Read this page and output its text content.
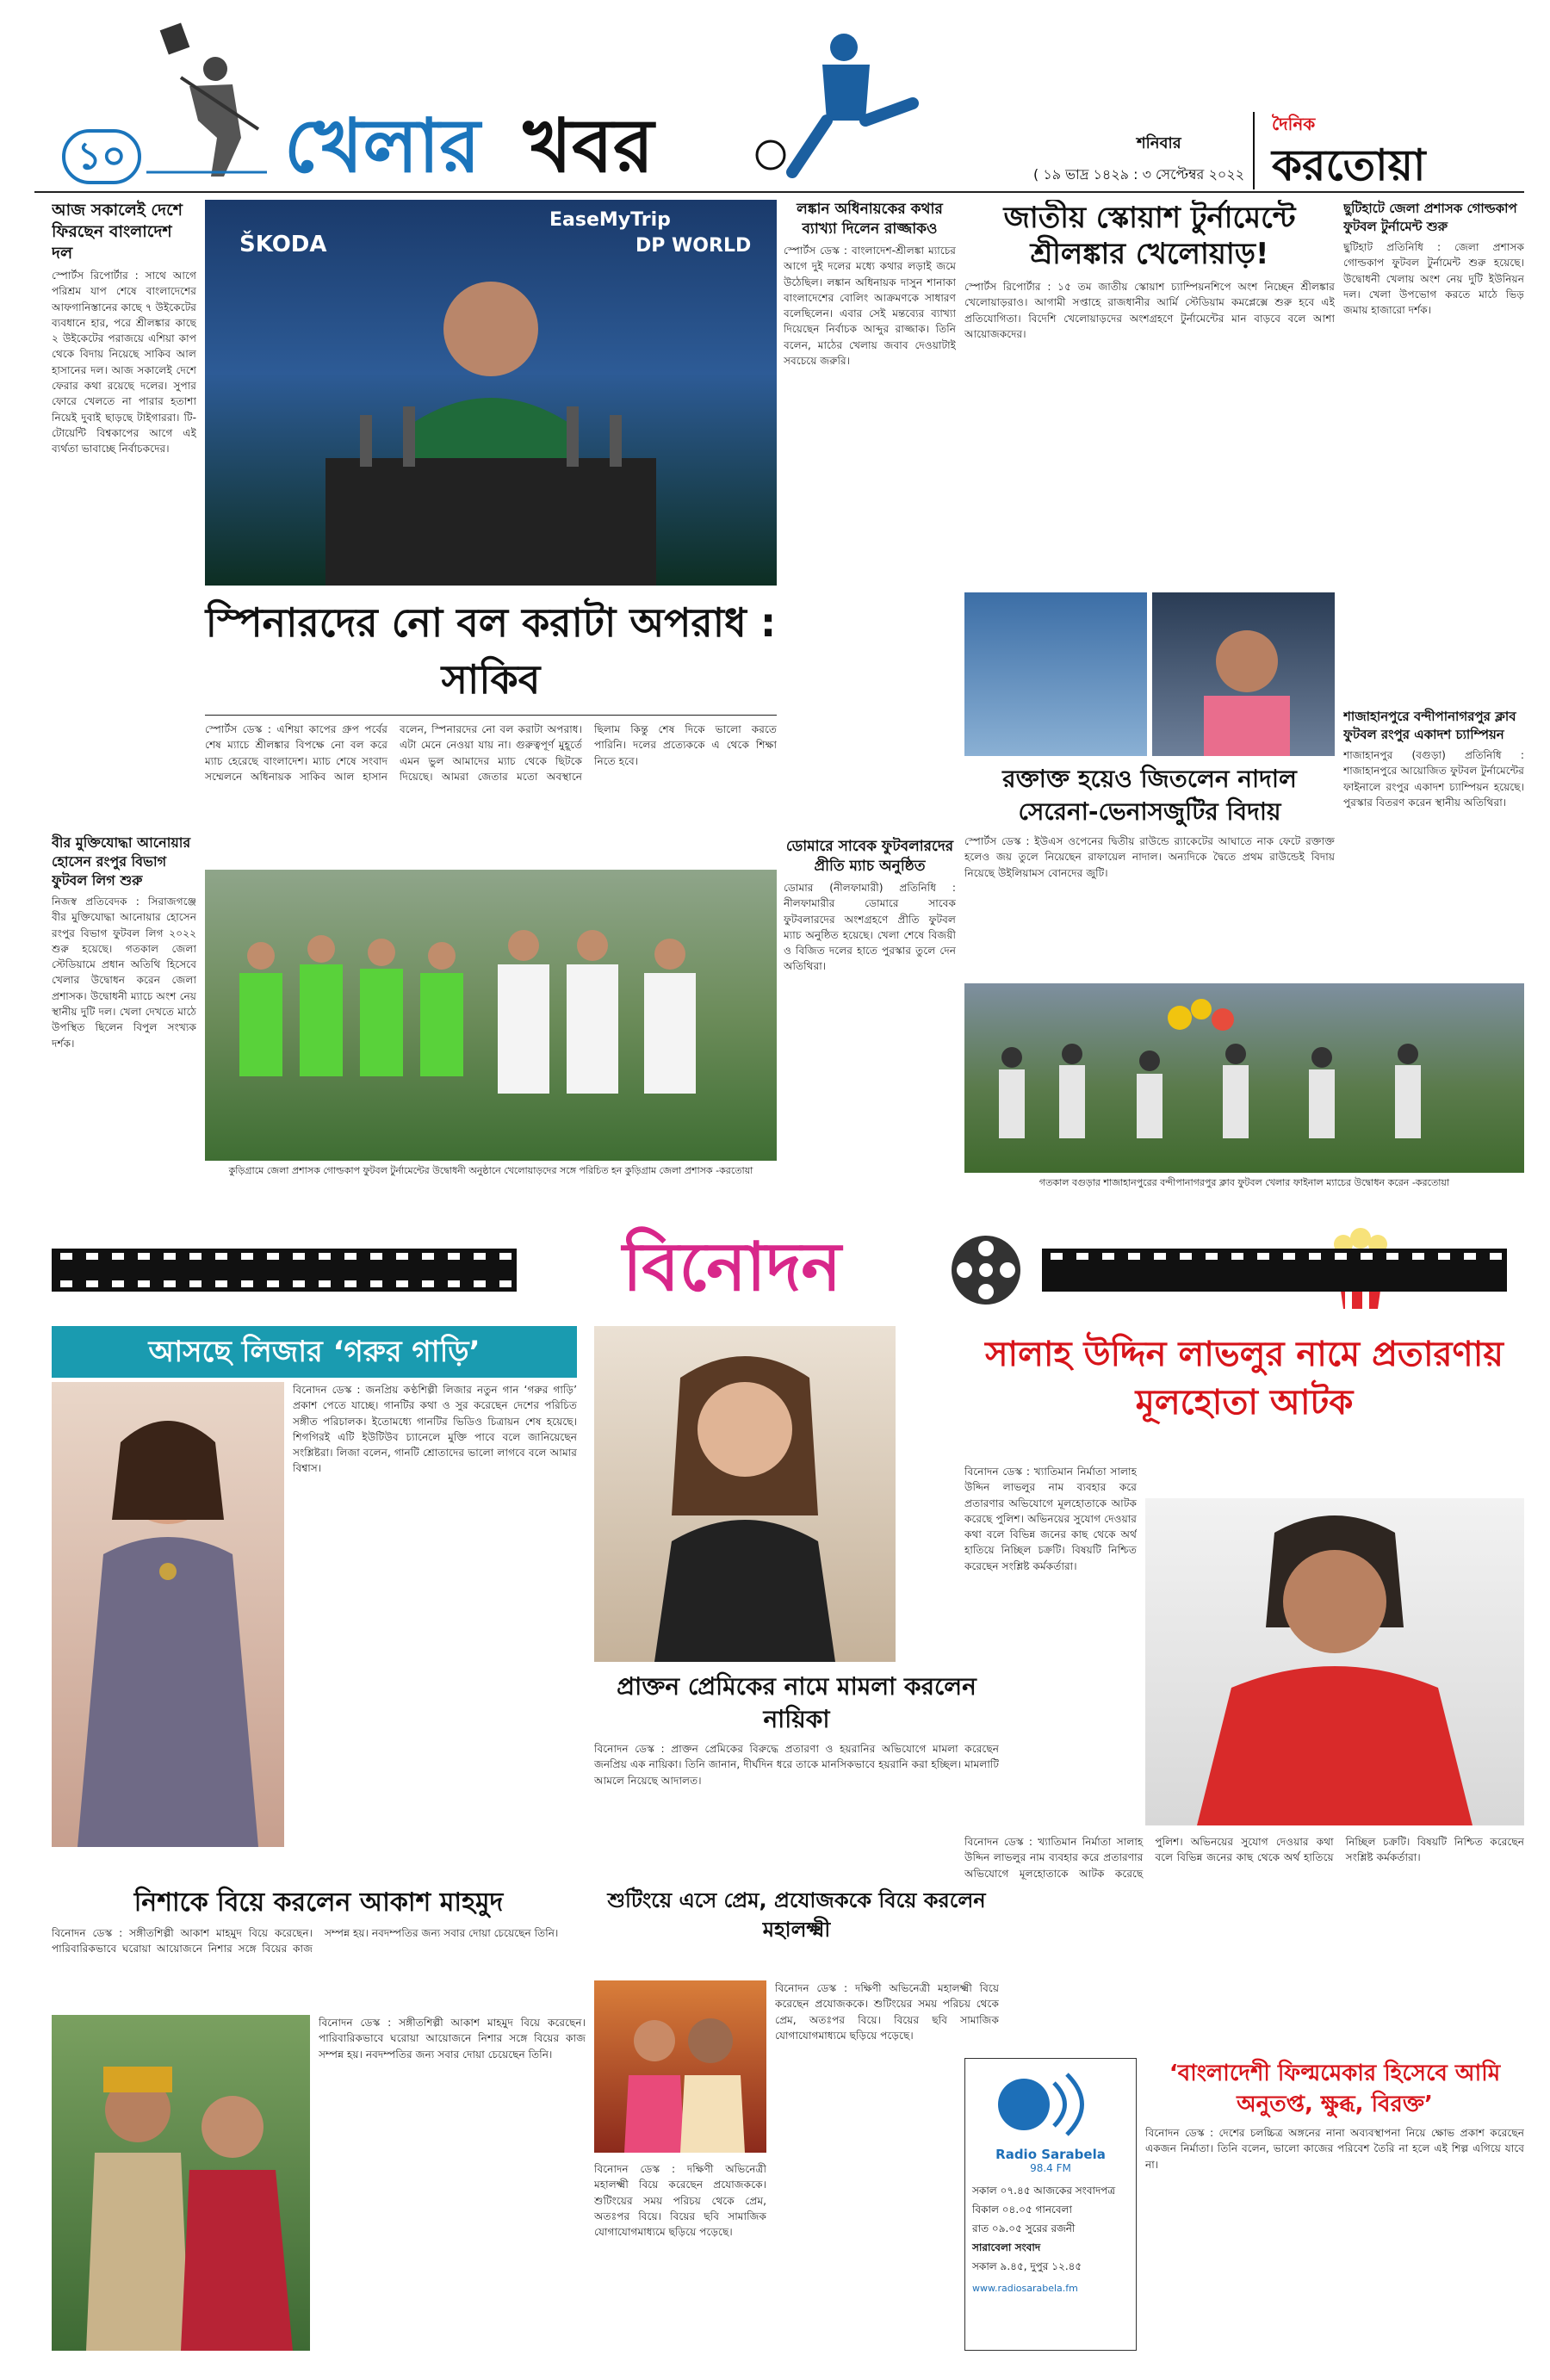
১০ খেলার খবর	শনিবার
( ১৯ ভাদ্র ১৪২৯ : ৩ সেপ্টেম্বর ২০২২
দৈনিক
করতোয়া
আজ সকালেই দেশে ফিরছেন বাংলাদেশ দল
স্পোর্টস রিপোর্টার : সাথে আগে পরিশ্রম যাপ শেষে বাংলাদেশের আফগানিস্তানের কাছে ৭ উইকেটের ব্যবধানে হার, পরে শ্রীলঙ্কার কাছে ২ উইকেটের পরাজয়ে এশিয়া কাপ থেকে বিদায় নিয়েছে সাকিব আল হাসানের দল। আজ সকালেই দেশে ফেরার কথা রয়েছে দলের। সুপার ফোরে খেলতে না পারার হতাশা নিয়েই দুবাই ছাড়ছে টাইগাররা। টি-টোয়েন্টি বিশ্বকাপের আগে এই ব্যর্থতা ভাবাচ্ছে নির্বাচকদের।
ŠKODA	DP WORLD
EaseMyTrip
স্পিনারদের নো বল করাটা অপরাধ : সাকিব
স্পোর্টস ডেস্ক : এশিয়া কাপের গ্রুপ পর্বের শেষ ম্যাচে শ্রীলঙ্কার বিপক্ষে নো বল করে ম্যাচ হেরেছে বাংলাদেশ। ম্যাচ শেষে সংবাদ সম্মেলনে অধিনায়ক সাকিব আল হাসান বলেন, স্পিনারদের নো বল করাটা অপরাধ। এটা মেনে নেওয়া যায় না। গুরুত্বপূর্ণ মুহূর্তে এমন ভুল আমাদের ম্যাচ থেকে ছিটকে দিয়েছে। আমরা জেতার মতো অবস্থানে ছিলাম কিন্তু শেষ দিকে ভালো করতে পারিনি। দলের প্রত্যেককে এ থেকে শিক্ষা নিতে হবে।
বীর মুক্তিযোদ্ধা আনোয়ার হোসেন রংপুর বিভাগ ফুটবল লিগ শুরু
নিজস্ব প্রতিবেদক : সিরাজগঞ্জে বীর মুক্তিযোদ্ধা আনোয়ার হোসেন রংপুর বিভাগ ফুটবল লিগ ২০২২ শুরু হয়েছে। গতকাল জেলা স্টেডিয়ামে প্রধান অতিথি হিসেবে খেলার উদ্বোধন করেন জেলা প্রশাসক। উদ্বোধনী ম্যাচে অংশ নেয় স্থানীয় দুটি দল। খেলা দেখতে মাঠে উপস্থিত ছিলেন বিপুল সংখ্যক দর্শক।
কুড়িগ্রামে জেলা প্রশাসক গোল্ডকাপ ফুটবল টুর্নামেন্টের উদ্বোধনী অনুষ্ঠানে খেলোয়াড়দের সঙ্গে পরিচিত হন কুড়িগ্রাম জেলা প্রশাসক -করতোয়া
লঙ্কান অধিনায়কের কথার ব্যাখ্যা দিলেন রাজ্জাকও
স্পোর্টস ডেস্ক : বাংলাদেশ-শ্রীলঙ্কা ম্যাচের আগে দুই দলের মধ্যে কথার লড়াই জমে উঠেছিল। লঙ্কান অধিনায়ক দাসুন শানাকা বাংলাদেশের বোলিং আক্রমণকে সাধারণ বলেছিলেন। এবার সেই মন্তব্যের ব্যাখ্যা দিয়েছেন নির্বাচক আব্দুর রাজ্জাক। তিনি বলেন, মাঠের খেলায় জবাব দেওয়াটাই সবচেয়ে জরুরি।
ডোমারে সাবেক ফুটবলারদের প্রীতি ম্যাচ অনুষ্ঠিত
ডোমার (নীলফামারী) প্রতিনিধি : নীলফামারীর ডোমারে সাবেক ফুটবলারদের অংশগ্রহণে প্রীতি ফুটবল ম্যাচ অনুষ্ঠিত হয়েছে। খেলা শেষে বিজয়ী ও বিজিত দলের হাতে পুরস্কার তুলে দেন অতিথিরা।
জাতীয় স্কোয়াশ টুর্নামেন্টে শ্রীলঙ্কার খেলোয়াড়!
স্পোর্টস রিপোর্টার : ১৫ তম জাতীয় স্কোয়াশ চ্যাম্পিয়নশিপে অংশ নিচ্ছেন শ্রীলঙ্কার খেলোয়াড়রাও। আগামী সপ্তাহে রাজধানীর আর্মি স্টেডিয়াম কমপ্লেক্সে শুরু হবে এই প্রতিযোগিতা। বিদেশি খেলোয়াড়দের অংশগ্রহণে টুর্নামেন্টের মান বাড়বে বলে আশা আয়োজকদের।
রক্তাক্ত হয়েও জিতলেন নাদাল সেরেনা-ভেনাসজুটির বিদায়
স্পোর্টস ডেস্ক : ইউএস ওপেনের দ্বিতীয় রাউন্ডে র‌্যাকেটের আঘাতে নাক ফেটে রক্তাক্ত হলেও জয় তুলে নিয়েছেন রাফায়েল নাদাল। অন্যদিকে দ্বৈতে প্রথম রাউন্ডেই বিদায় নিয়েছে উইলিয়ামস বোনদের জুটি।
ছুটিহাটে জেলা প্রশাসক গোল্ডকাপ ফুটবল টুর্নামেন্ট শুরু
ছুটিহাট প্রতিনিধি : জেলা প্রশাসক গোল্ডকাপ ফুটবল টুর্নামেন্ট শুরু হয়েছে। উদ্বোধনী খেলায় অংশ নেয় দুটি ইউনিয়ন দল। খেলা উপভোগ করতে মাঠে ভিড় জমায় হাজারো দর্শক।
শাজাহানপুরে বন্দীপানাগরপুর ক্লাব ফুটবল রংপুর একাদশ চ্যাম্পিয়ন
শাজাহানপুর (বগুড়া) প্রতিনিধি : শাজাহানপুরে আয়োজিত ফুটবল টুর্নামেন্টের ফাইনালে রংপুর একাদশ চ্যাম্পিয়ন হয়েছে। পুরস্কার বিতরণ করেন স্থানীয় অতিথিরা।
গতকাল বগুড়ার শাজাহানপুরের বন্দীপানাগরপুর ক্লাব ফুটবল খেলার ফাইনাল ম্যাচের উদ্বোধন করেন -করতোয়া
বিনোদন
আসছে লিজার ‘গরুর গাড়ি’
বিনোদন ডেস্ক : জনপ্রিয় কণ্ঠশিল্পী লিজার নতুন গান ‘গরুর গাড়ি’ প্রকাশ পেতে যাচ্ছে। গানটির কথা ও সুর করেছেন দেশের পরিচিত সঙ্গীত পরিচালক। ইতোমধ্যে গানটির ভিডিও চিত্রায়ন শেষ হয়েছে। শিগগিরই এটি ইউটিউব চ্যানেলে মুক্তি পাবে বলে জানিয়েছেন সংশ্লিষ্টরা। লিজা বলেন, গানটি শ্রোতাদের ভালো লাগবে বলে আমার বিশ্বাস।
প্রাক্তন প্রেমিকের নামে মামলা করলেন নায়িকা
বিনোদন ডেস্ক : প্রাক্তন প্রেমিকের বিরুদ্ধে প্রতারণা ও হয়রানির অভিযোগে মামলা করেছেন জনপ্রিয় এক নায়িকা। তিনি জানান, দীর্ঘদিন ধরে তাকে মানসিকভাবে হয়রানি করা হচ্ছিল। মামলাটি আমলে নিয়েছে আদালত।
সালাহ উদ্দিন লাভলুর নামে প্রতারণায় মূলহোতা আটক
বিনোদন ডেস্ক : খ্যাতিমান নির্মাতা সালাহ উদ্দিন লাভলুর নাম ব্যবহার করে প্রতারণার অভিযোগে মূলহোতাকে আটক করেছে পুলিশ। অভিনয়ের সুযোগ দেওয়ার কথা বলে বিভিন্ন জনের কাছ থেকে অর্থ হাতিয়ে নিচ্ছিল চক্রটি। বিষয়টি নিশ্চিত করেছেন সংশ্লিষ্ট কর্মকর্তারা।
নিশাকে বিয়ে করলেন আকাশ মাহমুদ
বিনোদন ডেস্ক : সঙ্গীতশিল্পী আকাশ মাহমুদ বিয়ে করেছেন। পারিবারিকভাবে ঘরোয়া আয়োজনে নিশার সঙ্গে বিয়ের কাজ সম্পন্ন হয়। নবদম্পতির জন্য সবার দোয়া চেয়েছেন তিনি।
বিনোদন ডেস্ক : সঙ্গীতশিল্পী আকাশ মাহমুদ বিয়ে করেছেন। পারিবারিকভাবে ঘরোয়া আয়োজনে নিশার সঙ্গে বিয়ের কাজ সম্পন্ন হয়। নবদম্পতির জন্য সবার দোয়া চেয়েছেন তিনি।
শুটিংয়ে এসে প্রেম, প্রযোজককে বিয়ে করলেন মহালক্ষ্মী
বিনোদন ডেস্ক : দক্ষিণী অভিনেত্রী মহালক্ষ্মী বিয়ে করেছেন প্রযোজককে। শুটিংয়ের সময় পরিচয় থেকে প্রেম, অতঃপর বিয়ে। বিয়ের ছবি সামাজিক যোগাযোগমাধ্যমে ছড়িয়ে পড়েছে।
বিনোদন ডেস্ক : দক্ষিণী অভিনেত্রী মহালক্ষ্মী বিয়ে করেছেন প্রযোজককে। শুটিংয়ের সময় পরিচয় থেকে প্রেম, অতঃপর বিয়ে। বিয়ের ছবি সামাজিক যোগাযোগমাধ্যমে ছড়িয়ে পড়েছে।
Radio Sarabela
98.4 FM
সকাল ০৭.৪৫ আজকের সংবাদপত্র
বিকাল ০৪.০৫ গানবেলা
রাত ০৯.০৫ সুরের রজনী
সারাবেলা সংবাদ
সকাল ৯.৪৫, দুপুর ১২.৪৫
www.radiosarabela.fm
‘বাংলাদেশী ফিল্মমেকার হিসেবে আমি অনুতপ্ত, ক্ষুব্ধ, বিরক্ত’
বিনোদন ডেস্ক : দেশের চলচ্চিত্র অঙ্গনের নানা অব্যবস্থাপনা নিয়ে ক্ষোভ প্রকাশ করেছেন একজন নির্মাতা। তিনি বলেন, ভালো কাজের পরিবেশ তৈরি না হলে এই শিল্প এগিয়ে যাবে না।
বিনোদন ডেস্ক : খ্যাতিমান নির্মাতা সালাহ উদ্দিন লাভলুর নাম ব্যবহার করে প্রতারণার অভিযোগে মূলহোতাকে আটক করেছে পুলিশ। অভিনয়ের সুযোগ দেওয়ার কথা বলে বিভিন্ন জনের কাছ থেকে অর্থ হাতিয়ে নিচ্ছিল চক্রটি। বিষয়টি নিশ্চিত করেছেন সংশ্লিষ্ট কর্মকর্তারা।
